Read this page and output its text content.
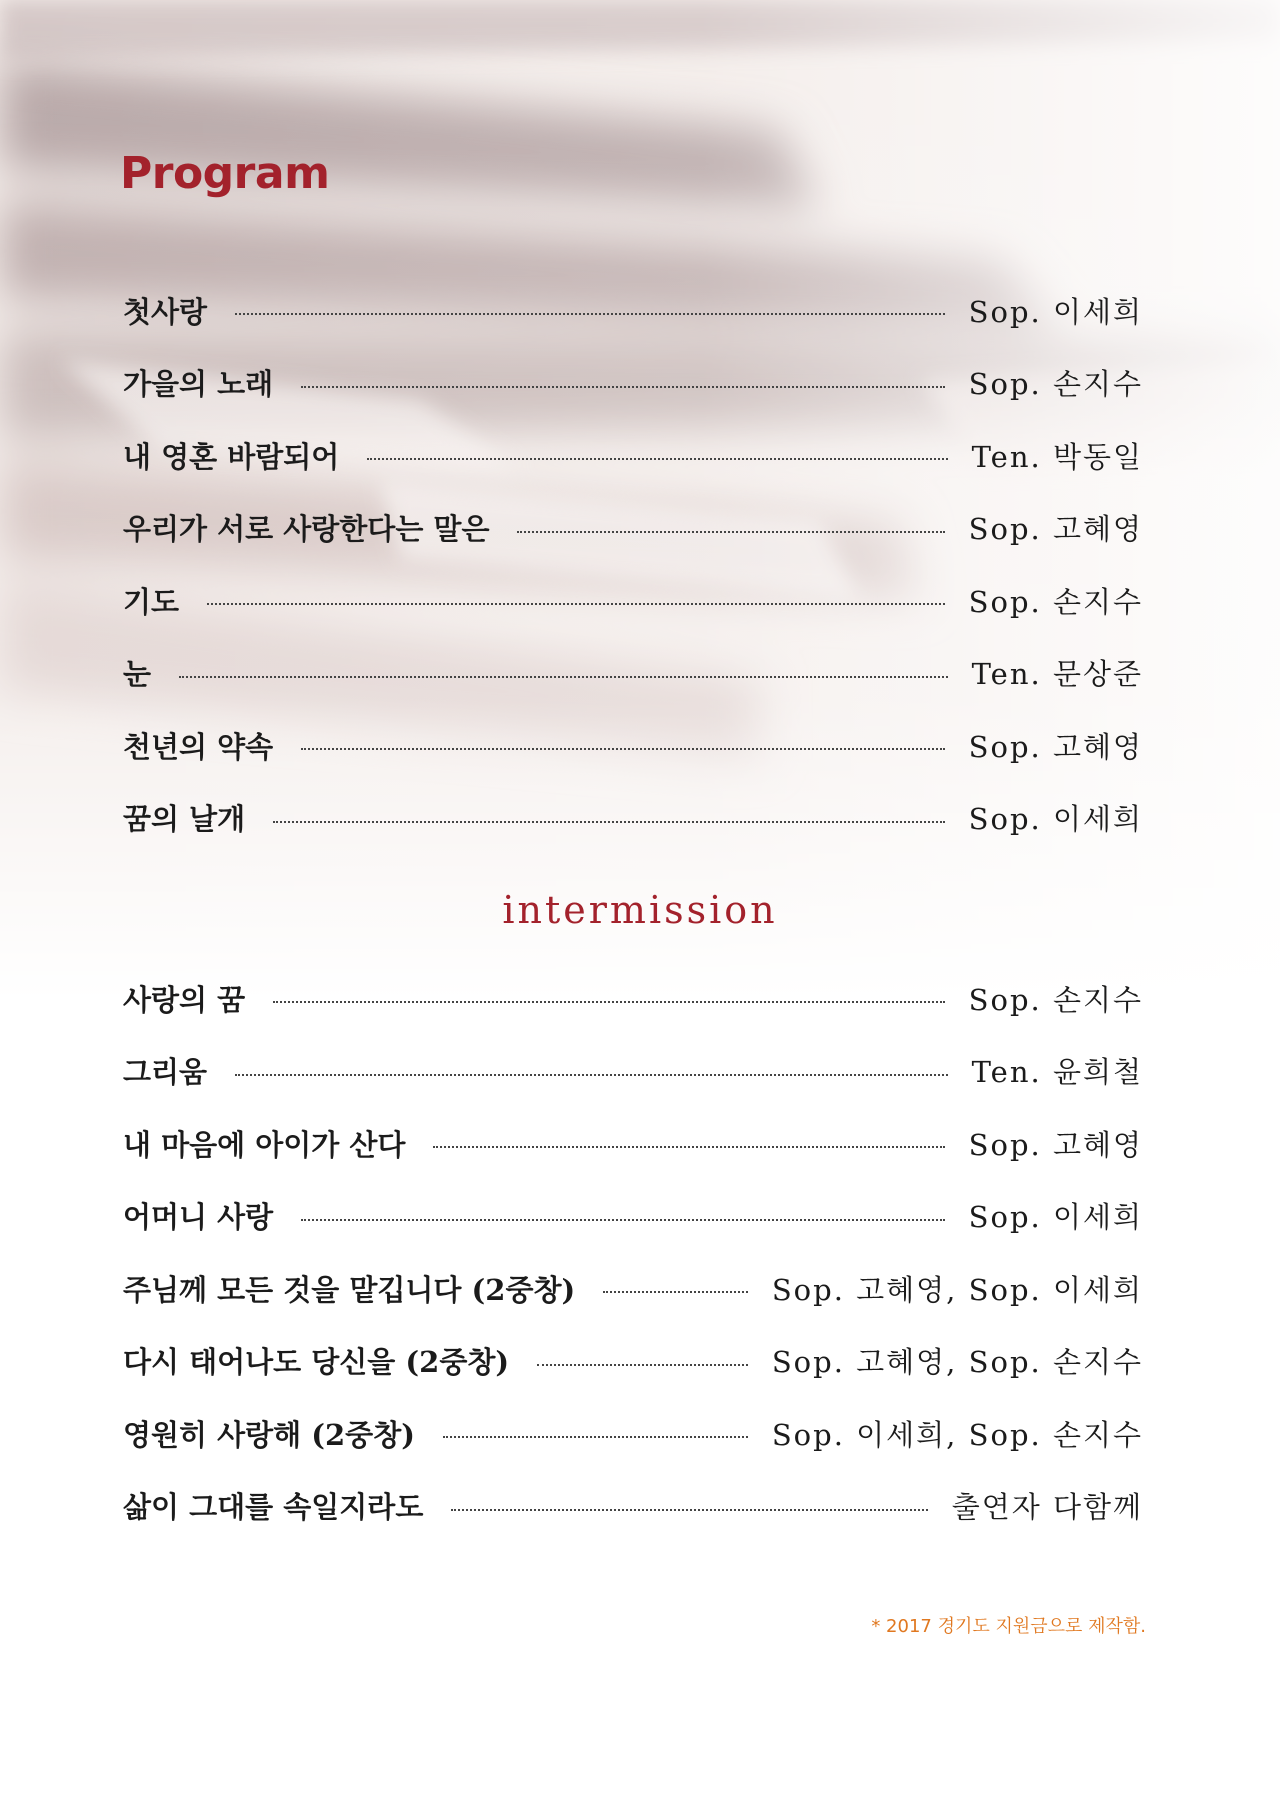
Program
첫사랑	Sop. 이세희
가을의 노래	Sop. 손지수
내 영혼 바람되어	Ten. 박동일
우리가 서로 사랑한다는 말은	Sop. 고혜영
기도	Sop. 손지수
눈	Ten. 문상준
천년의 약속	Sop. 고혜영
꿈의 날개	Sop. 이세희
intermission
사랑의 꿈	Sop. 손지수
그리움	Ten. 윤희철
내 마음에 아이가 산다	Sop. 고혜영
어머니 사랑	Sop. 이세희
주님께 모든 것을 맡깁니다 (2중창)	Sop. 고혜영, Sop. 이세희
다시 태어나도 당신을 (2중창)	Sop. 고혜영, Sop. 손지수
영원히 사랑해 (2중창)	Sop. 이세희, Sop. 손지수
삶이 그대를 속일지라도	출연자 다함께
* 2017 경기도 지원금으로 제작함.
